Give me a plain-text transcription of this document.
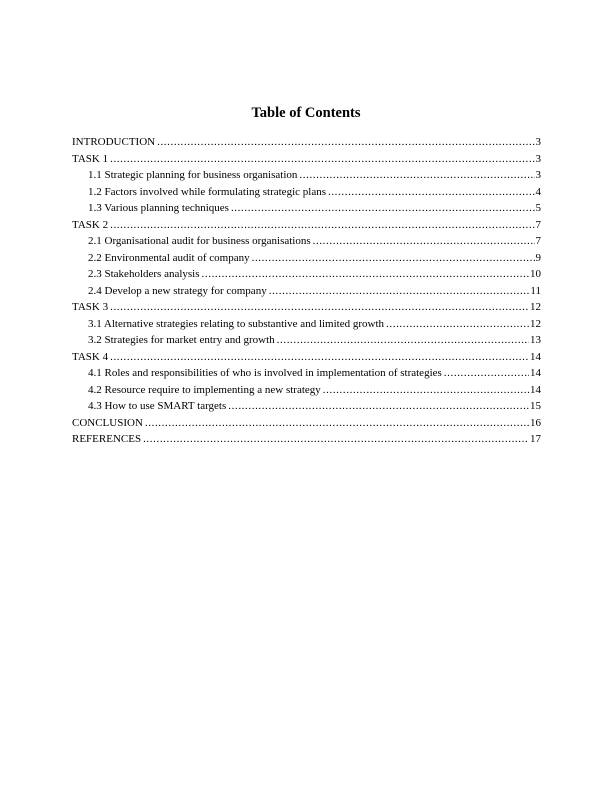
Table of Contents
INTRODUCTION .....	3
TASK 1 .....	3
1.1 Strategic planning for business organisation .....	3
1.2 Factors involved while formulating strategic plans .....	4
1.3 Various planning techniques .....	5
TASK 2 .....	7
2.1 Organisational audit for business organisations .....	7
2.2 Environmental audit of company .....	9
2.3 Stakeholders analysis .....	10
2.4 Develop a new strategy for company .....	11
TASK 3 .....	12
3.1 Alternative strategies relating to substantive and limited growth .....	12
3.2 Strategies for market entry and growth .....	13
TASK 4 .....	14
4.1 Roles and responsibilities of who is involved in implementation of strategies .....	14
4.2 Resource require to implementing a new strategy .....	14
4.3 How to use SMART targets .....	15
CONCLUSION .....	16
REFERENCES .....	17
